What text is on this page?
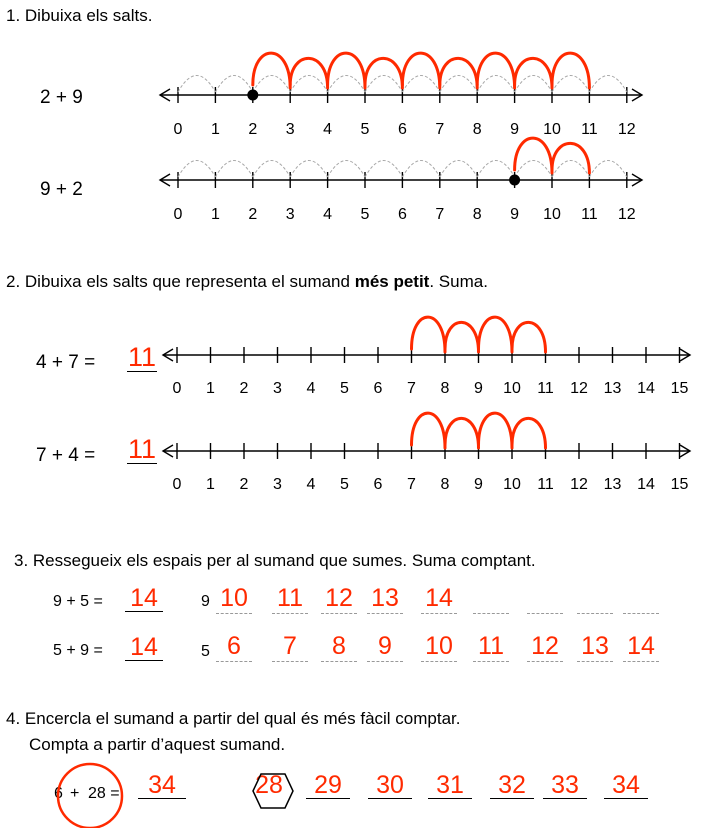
1. Dibuixa els salts.
2 + 9
9 + 2
2. Dibuixa els salts que representa el sumand més petit. Suma.
4 + 7 = 11
7 + 4 = 11
3. Ressegueix els espais per al sumand que sumes. Suma comptant.
9 + 5 = 14	9 10 11 12 13 14
5 + 9 = 14	5 6	7	8	9	10 11 12 13 14
4. Encercla el sumand a partir del qual és més fàcil comptar.
Compta a partir d’aquest sumand.
6 + 28 =	34	28	29	30	31	32	33	34
0 1 2 3 4 5 6 7 8 9 10 11 12
0 1 2 3 4 5 6 7 8 9 10 11 12
0 1 2 3 4 5 6 7 8 9 10 11 12 13 14 15
0 1 2 3 4 5 6 7 8 9 10 11 12 13 14 15
